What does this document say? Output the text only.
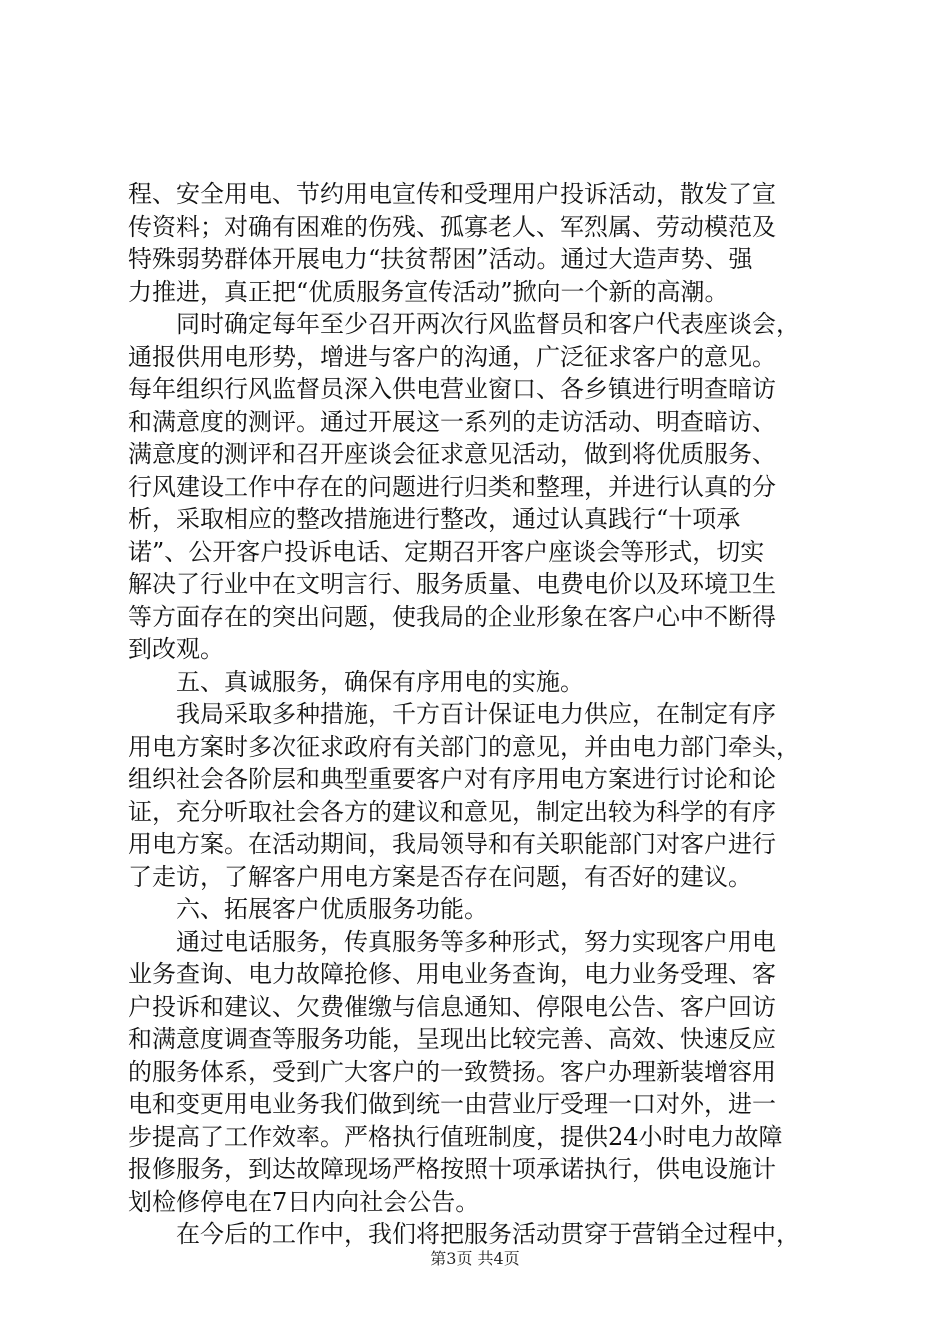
程、安全用电、节约用电宣传和受理用户投诉活动，散发了宣
传资料；对确有困难的伤残、孤寡老人、军烈属、劳动模范及
特殊弱势群体开展电力“扶贫帮困”活动。通过大造声势、强
力推进，真正把“优质服务宣传活动”掀向一个新的高潮。
　　同时确定每年至少召开两次行风监督员和客户代表座谈会，
通报供用电形势，增进与客户的沟通，广泛征求客户的意见。
每年组织行风监督员深入供电营业窗口、各乡镇进行明查暗访
和满意度的测评。通过开展这一系列的走访活动、明查暗访、
满意度的测评和召开座谈会征求意见活动，做到将优质服务、
行风建设工作中存在的问题进行归类和整理，并进行认真的分
析，采取相应的整改措施进行整改，通过认真践行“十项承
诺”、公开客户投诉电话、定期召开客户座谈会等形式，切实
解决了行业中在文明言行、服务质量、电费电价以及环境卫生
等方面存在的突出问题，使我局的企业形象在客户心中不断得
到改观。
　　五、真诚服务，确保有序用电的实施。
　　我局采取多种措施，千方百计保证电力供应，在制定有序
用电方案时多次征求政府有关部门的意见，并由电力部门牵头，
组织社会各阶层和典型重要客户对有序用电方案进行讨论和论
证，充分听取社会各方的建议和意见，制定出较为科学的有序
用电方案。在活动期间，我局领导和有关职能部门对客户进行
了走访，了解客户用电方案是否存在问题，有否好的建议。
　　六、拓展客户优质服务功能。
　　通过电话服务，传真服务等多种形式，努力实现客户用电
业务查询、电力故障抢修、用电业务查询，电力业务受理、客
户投诉和建议、欠费催缴与信息通知、停限电公告、客户回访
和满意度调查等服务功能，呈现出比较完善、高效、快速反应
的服务体系，受到广大客户的一致赞扬。客户办理新装增容用
电和变更用电业务我们做到统一由营业厅受理一口对外，进一
步提高了工作效率。严格执行值班制度，提供24小时电力故障
报修服务，到达故障现场严格按照十项承诺执行，供电设施计
划检修停电在7日内向社会公告。
　　在今后的工作中，我们将把服务活动贯穿于营销全过程中，
第3页 共4页
